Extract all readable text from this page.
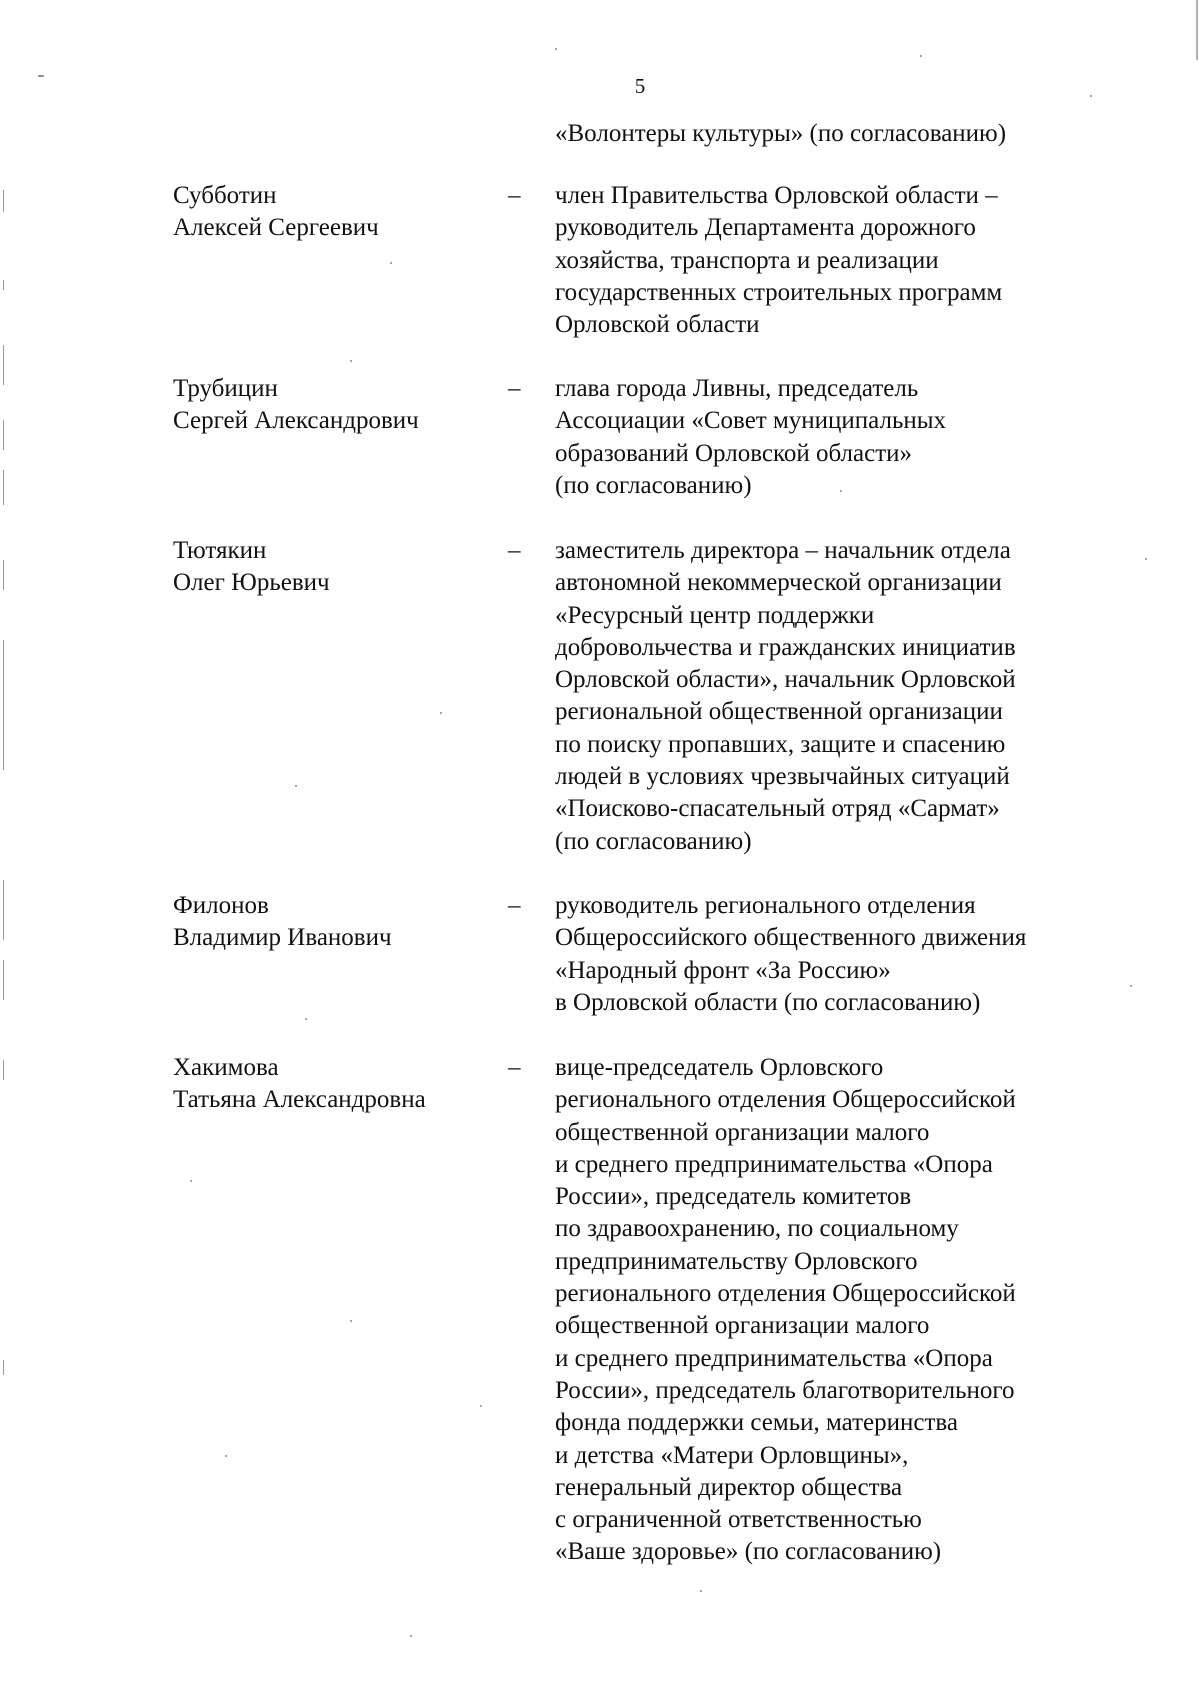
5
«Волонтеры культуры» (по согласованию)
Субботин
Алексей Сергеевич
– член Правительства Орловской области –
руководитель Департамента дорожного
хозяйства, транспорта и реализации
государственных строительных программ
Орловской области
Трубицин
Сергей Александрович
– глава города Ливны, председатель
Ассоциации «Совет муниципальных
образований Орловской области»
(по согласованию)
Тютякин
Олег Юрьевич
– заместитель директора – начальник отдела
автономной некоммерческой организации
«Ресурсный центр поддержки
добровольчества и гражданских инициатив
Орловской области», начальник Орловской
региональной общественной организации
по поиску пропавших, защите и спасению
людей в условиях чрезвычайных ситуаций
«Поисково-спасательный отряд «Сармат»
(по согласованию)
Филонов
Владимир Иванович
– руководитель регионального отделения
Общероссийского общественного движения
«Народный фронт «За Россию»
в Орловской области (по согласованию)
Хакимова
Татьяна Александровна
– вице-председатель Орловского
регионального отделения Общероссийской
общественной организации малого
и среднего предпринимательства «Опора
России», председатель комитетов
по здравоохранению, по социальному
предпринимательству Орловского
регионального отделения Общероссийской
общественной организации малого
и среднего предпринимательства «Опора
России», председатель благотворительного
фонда поддержки семьи, материнства
и детства «Матери Орловщины»,
генеральный директор общества
с ограниченной ответственностью
«Ваше здоровье» (по согласованию)
